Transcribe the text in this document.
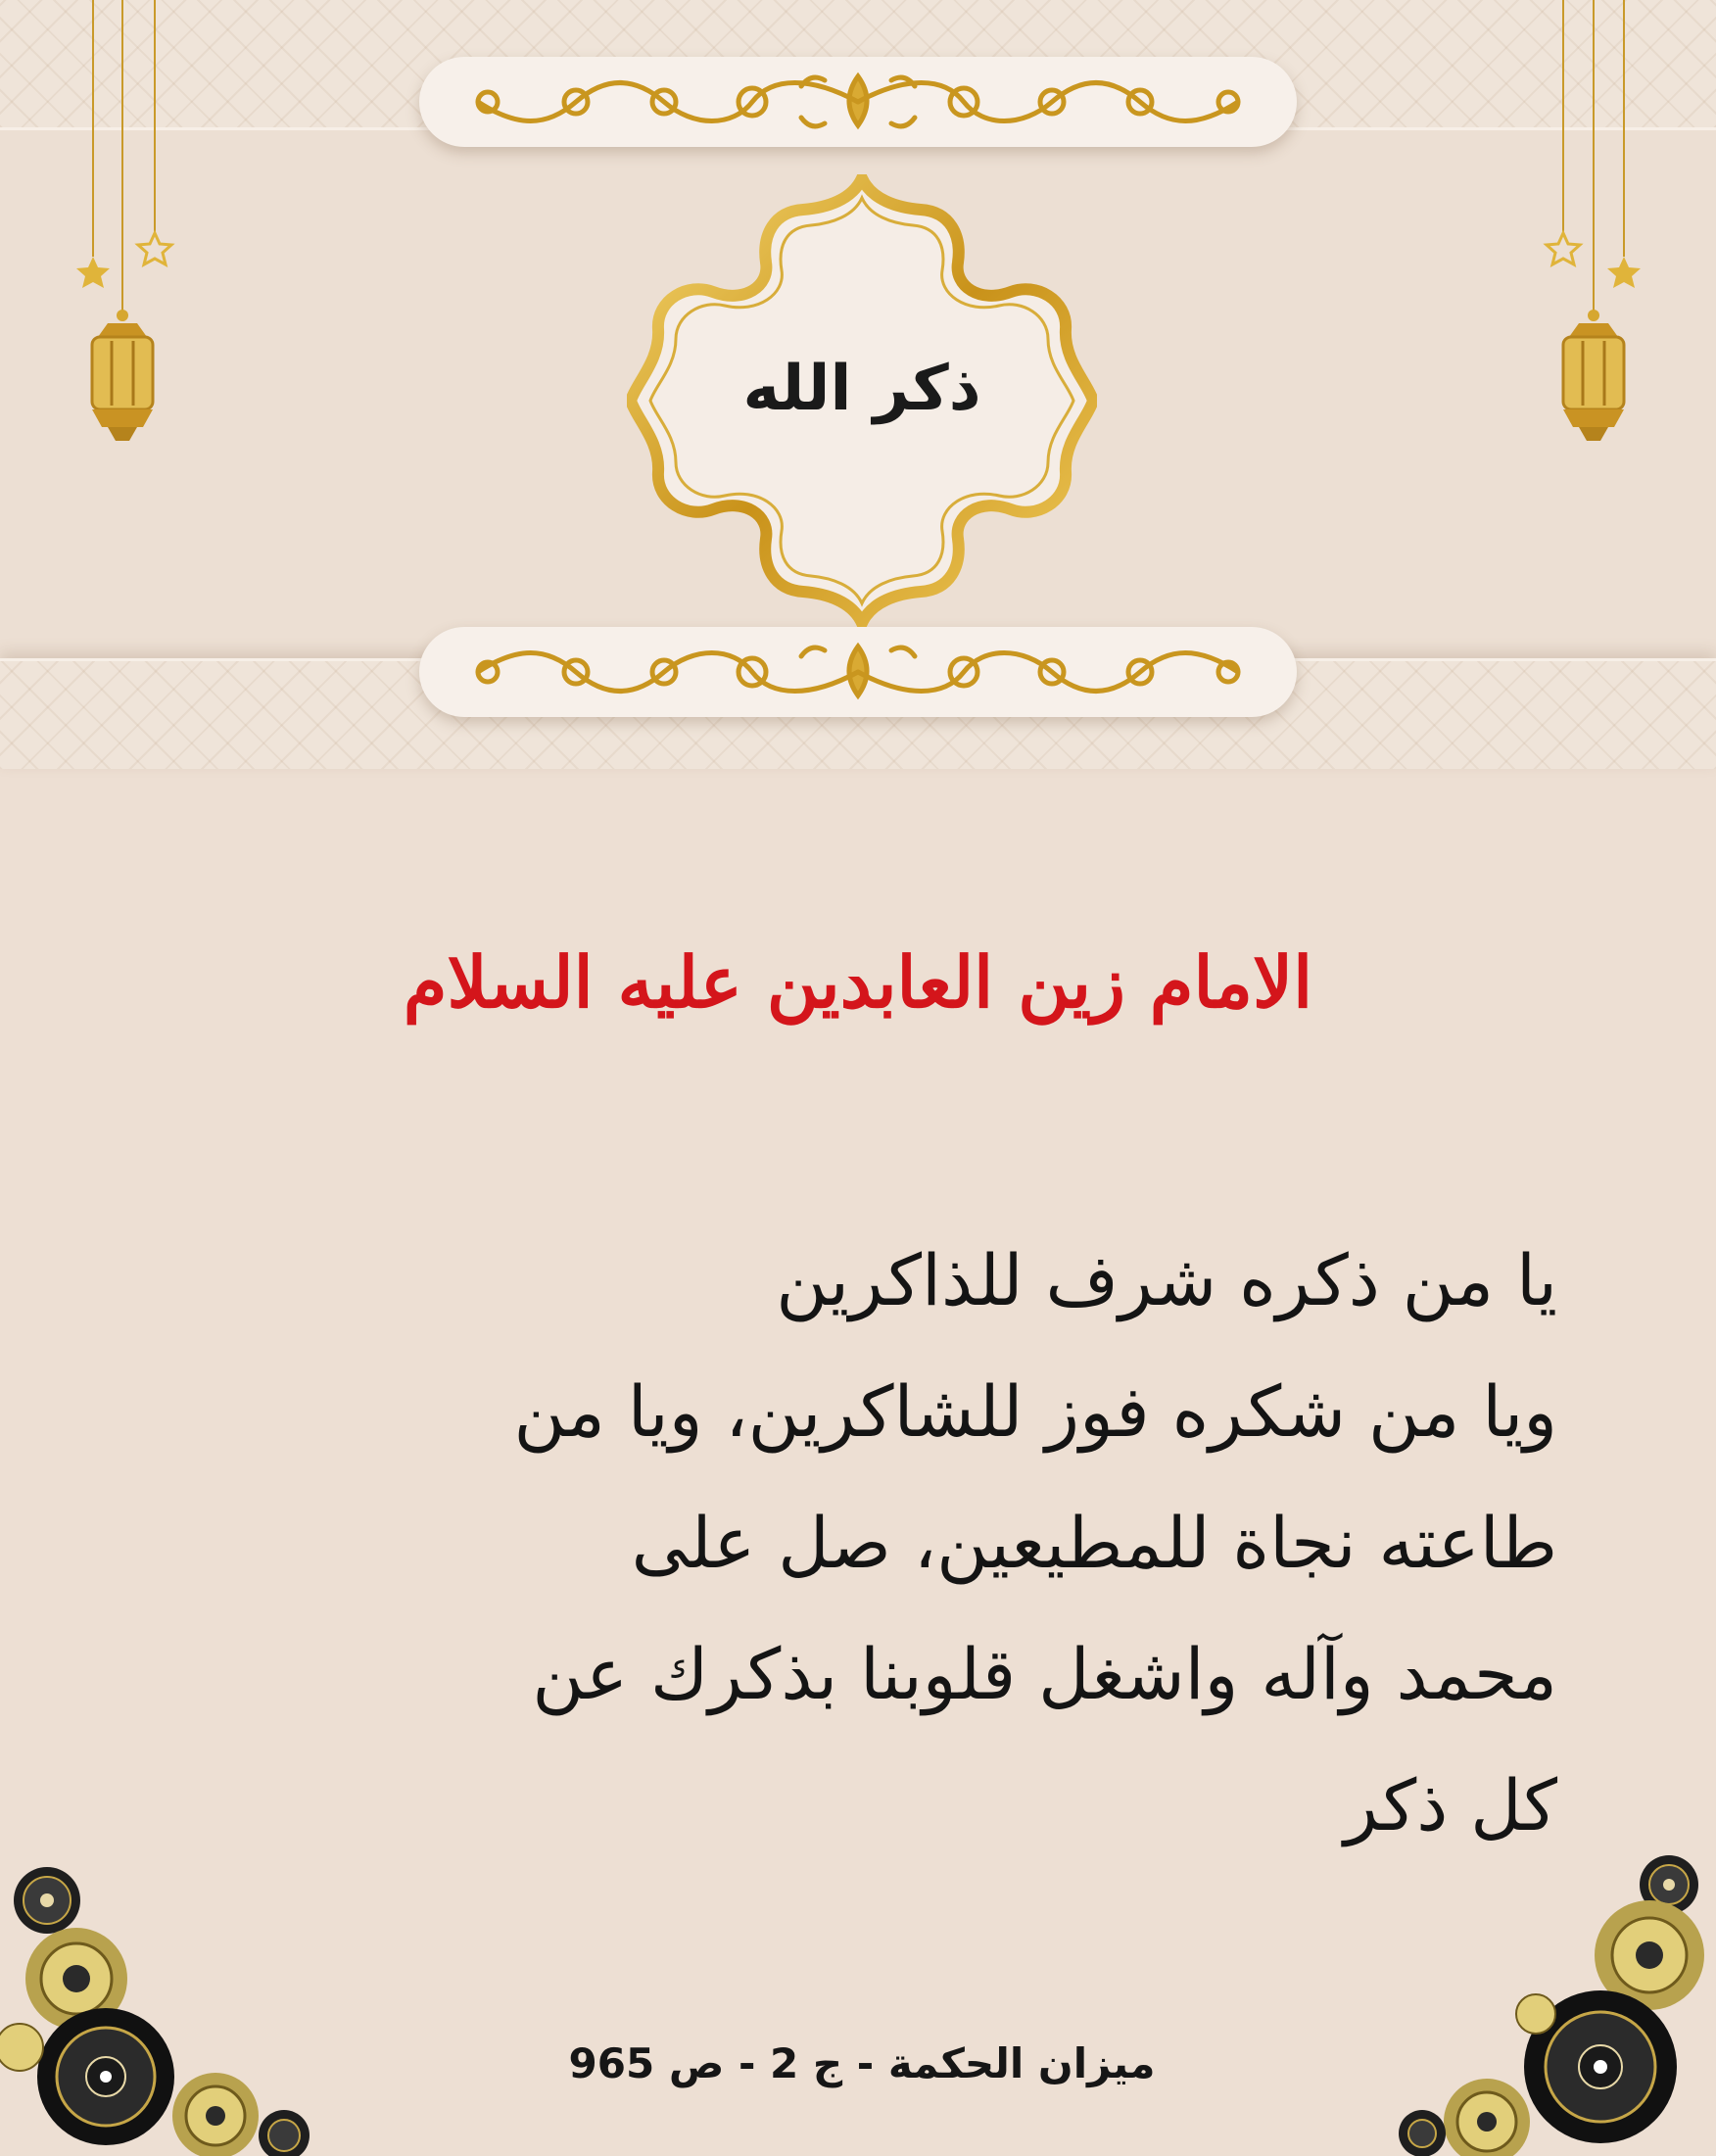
ذكر الله
الامام زين العابدين عليه السلام
يا من ذكره شرف للذاكرين
ويا من شكره فوز للشاكرين، ويا من
طاعته نجاة للمطيعين، صل على
محمد وآله واشغل قلوبنا بذكرك عن
كل ذكر
ميزان الحكمة - ج 2 - ص 965
